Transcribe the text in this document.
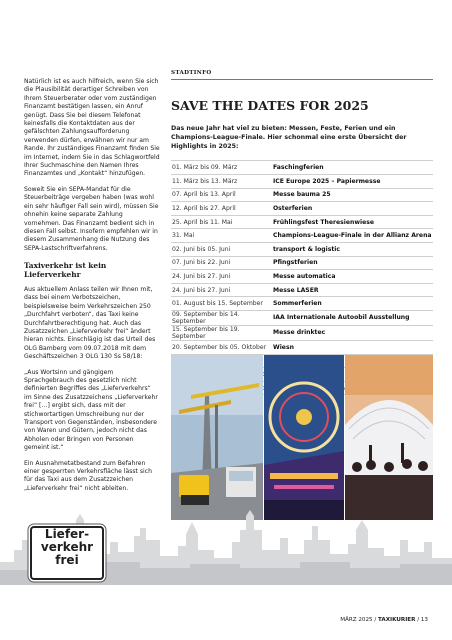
Natürlich ist es auch hilfreich, wenn Sie sich die Plausibilität derartiger Schreiben von Ihrem Steuerberater oder vom zuständigen Finanzamt bestätigen lassen, ein Anruf genügt. Dass Sie bei diesem Telefonat keinesfalls die Kontaktdaten aus der gefälschten Zahlungsaufforderung verwenden dürfen, erwähnen wir nur am Rande. Ihr zuständiges Finanzamt finden Sie im Internet, indem Sie in das Schlagwortfeld Ihrer Suchmaschine den Namen Ihres Finanzamtes und „Kontakt“ hinzufügen.

Soweit Sie ein SEPA-Mandat für die Steuerbeiträge vergeben haben (was wohl ein sehr häufiger Fall sein wird), müssen Sie ohnehin keine separate Zahlung vornehmen. Das Finanzamt bedient sich in diesen Fall selbst. Insofern empfehlen wir in diesem Zusammenhang die Nutzung des SEPA-Lastschriftverfahrens.

Taxiverkehr ist kein Lieferverkehr

Aus aktuellem Anlass teilen wir Ihnen mit, dass bei einem Verbotszeichen, beispielsweise beim Verkehrszeichen 250 „Durchfahrt verboten“, das Taxi keine Durchfahrtberechtigung hat. Auch das Zusatzzeichen „Lieferverkehr frei“ ändert hieran nichts. Einschlägig ist das Urteil des OLG Bamberg vom 09.07.2018 mit dem Geschäftszeichen 3 OLG 130 Ss 58/18:

„Aus Wortsinn und gängigem Sprachgebrauch des gesetzlich nicht definierten Begriffes des „Lieferverkehrs“ im Sinne des Zusatzzeichens „Lieferverkehr frei“ […] ergibt sich, dass mit der stichwortartigen Umschreibung nur der Transport von Gegenständen, insbesondere von Waren und Gütern, jedoch nicht das Abholen oder Bringen von Personen gemeint ist.“

Ein Ausnahmetatbestand zum Befahren einer gesperrten Verkehrsfläche lässt sich für das Taxi aus dem Zusatzzeichen „Lieferverkehr frei“ nicht ableiten.

STADTINFO
SAVE THE DATES FOR 2025

Das neue Jahr hat viel zu bieten: Messen, Feste, Ferien und ein Champions-League-Finale. Hier schonmal eine erste Übersicht der Highlights in 2025:

01. März bis 09. März	Faschingferien
11. März bis 13. März	ICE Europe 2025 – Papiermesse
07. April bis 13. April	Messe bauma 25
12. April bis 27. April	Osterferien
25. April bis 11. Mai	Frühlingsfest Theresienwiese
31. Mai	Champions-League-Finale in der Allianz Arena
02. Juni bis 05. Juni	transport & logistic
07. Juni bis 22. Juni	Pfingstferien
24. Juni bis 27. Juni	Messe automatica
24. Juni bis 27. Juni	Messe LASER
01. August bis 15. September	Sommerferien
09. September bis 14. September	IAA Internationale Autoobil Ausstellung
15. September bis 19. September	Messe drinktec
20. September bis 05. Oktober	Wiesn

Liefer-
verkehr
frei
MÄRZ 2025 / TAXIKURIER / 13
